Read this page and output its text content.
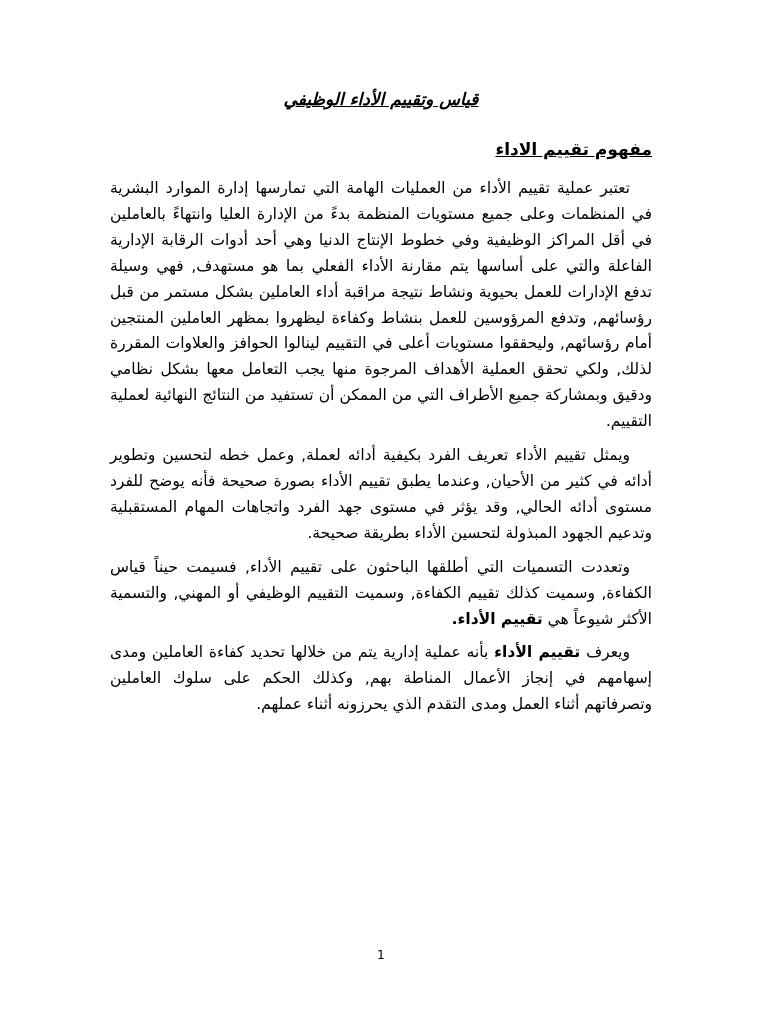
قياس وتقييم الأداء الوظيفي
مفهوم تقييم الاداء

تعتبر عملية تقييم الأداء من العمليات الهامة التي تمارسها إدارة الموارد البشرية في المنظمات وعلى جميع مستويات المنظمة بدءً من الإدارة العليا وانتهاءً بالعاملين في أقل المراكز الوظيفية وفي خطوط الإنتاج الدنيا وهي أحد أدوات الرقابة الإدارية الفاعلة والتي على أساسها يتم مقارنة الأداء الفعلي بما هو مستهدف, فهي وسيلة تدفع الإدارات للعمل بحيوية ونشاط نتيجة مراقبة أداء العاملين بشكل مستمر من قبل رؤسائهم, وتدفع المرؤوسين للعمل بنشاط وكفاءة ليظهروا بمظهر العاملين المنتجين أمام رؤسائهم, وليحققوا مستويات أعلى في التقييم لينالوا الحوافز والعلاوات المقررة لذلك, ولكي تحقق العملية الأهداف المرجوة منها يجب التعامل معها بشكل نظامي ودقيق وبمشاركة جميع الأطراف التي من الممكن أن تستفيد من النتائج النهائية لعملية التقييم.

ويمثل تقييم الأداء تعريف الفرد بكيفية أدائه لعملة, وعمل خطه لتحسين وتطوير أدائه في كثير من الأحيان, وعندما يطبق تقييم الأداء بصورة صحيحة فأنه يوضح للفرد مستوى أدائه الحالي, وقد يؤثر في مستوى جهد الفرد واتجاهات المهام المستقبلية وتدعيم الجهود المبذولة لتحسين الأداء بطريقة صحيحة.

وتعددت التسميات التي أطلقها الباحثون على تقييم الأداء, فسيمت حيناً قياس الكفاءة, وسميت كذلك تقييم الكفاءة, وسميت التقييم الوظيفي أو المهني, والتسمية الأكثر شيوعاً هي تقييم الأداء.

ويعرف تقييم الأداء بأنه عملية إدارية يتم من خلالها تحديد كفاءة العاملين ومدى إسهامهم في إنجاز الأعمال المناطة بهم, وكذلك الحكم على سلوك العاملين وتصرفاتهم أثناء العمل ومدى التقدم الذي يحرزونه أثناء عملهم.

1
